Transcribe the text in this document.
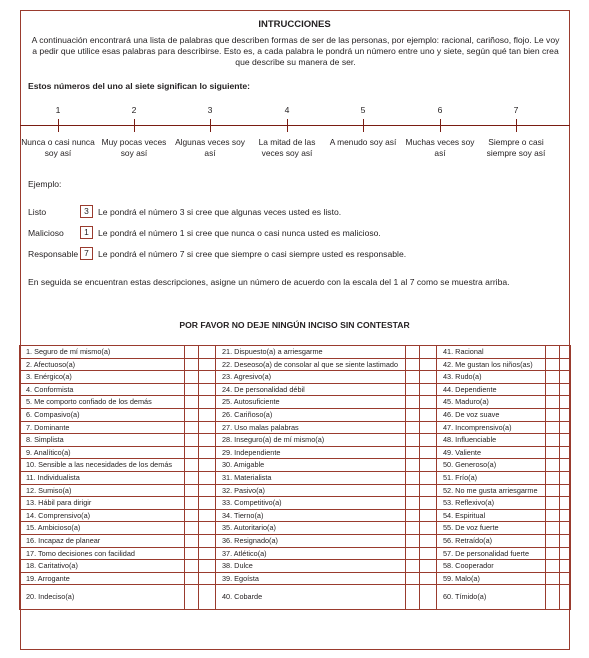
INTRUCCIONES
A continuación encontrará una lista de palabras que describen formas de ser de las personas, por ejemplo: racional, cariñoso, flojo. Le voy a pedir que utilice esas palabras para describirse. Esto es, a cada palabra le pondrá un número entre uno y siete, según qué tan bien crea que describe su manera de ser.
Estos números del uno al siete significan lo siguiente:
1
Nunca o casi nunca soy así
2
Muy pocas veces soy así
3
Algunas veces soy así
4
La mitad de las veces soy así
5
A menudo soy así
6
Muchas veces soy así
7
Siempre o casi siempre soy así
Ejemplo:
Listo	3	Le pondrá el número 3 si cree que algunas veces usted es listo.
Malicioso	1	Le pondrá el número 1 si cree que nunca o casi nunca usted es malicioso.
Responsable 7	Le pondrá el número 7 si cree que siempre o casi siempre usted es responsable.
En seguida se encuentran estas descripciones, asigne un número de acuerdo con la escala del 1 al 7 como se muestra arriba.
POR FAVOR NO DEJE NINGÚN INCISO SIN CONTESTAR
1. Seguro de mí mismo(a)			21. Dispuesto(a) a arriesgarme			41. Racional		
2. Afectuoso(a)			22. Deseoso(a) de consolar al que se siente lastimado			42. Me gustan los niños(as)		
3. Enérgico(a)			23. Agresivo(a)			43. Rudo(a)		
4. Conformista			24. De personalidad débil			44. Dependiente		
5. Me comporto confiado de los demás			25. Autosuficiente			45. Maduro(a)		
6. Compasivo(a)			26. Cariñoso(a)			46. De voz suave		
7. Dominante			27. Uso malas palabras			47. Incomprensivo(a)		
8. Simplista			28. Inseguro(a) de mí mismo(a)			48. Influenciable		
9. Analítico(a)			29. Independiente			49. Valiente		
10. Sensible a las necesidades de los demás			30. Amigable			50. Generoso(a)		
11. Individualista			31. Materialista			51. Frío(a)		
12. Sumiso(a)			32. Pasivo(a)			52. No me gusta arriesgarme		
13. Hábil para dirigir			33. Competitivo(a)			53. Reflexivo(a)		
14. Comprensivo(a)			34. Tierno(a)			54. Espiritual		
15. Ambicioso(a)			35. Autoritario(a)			55. De voz fuerte		
16. Incapaz de planear			36. Resignado(a)			56. Retraído(a)		
17. Tomo decisiones con facilidad			37. Atlético(a)			57. De personalidad fuerte		
18. Caritativo(a)			38. Dulce			58. Cooperador		
19. Arrogante			39. Egoísta			59. Malo(a)		
20. Indeciso(a)			40. Cobarde			60. Tímido(a)		
